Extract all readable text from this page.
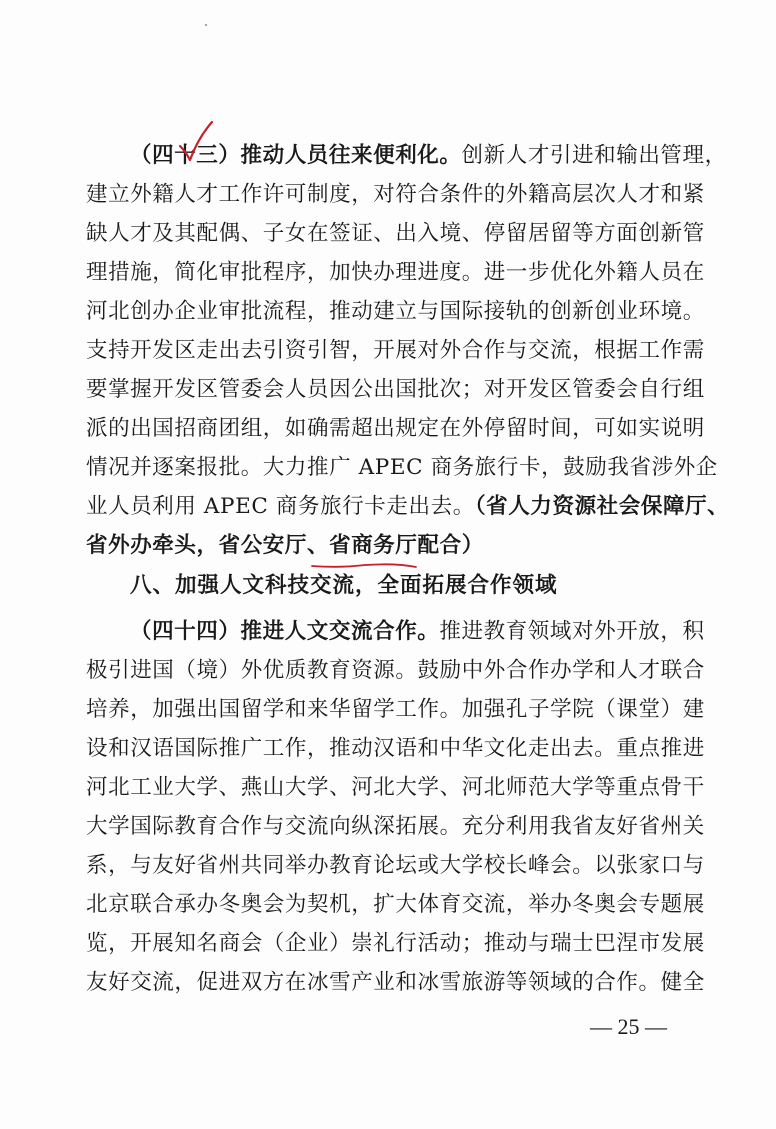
（四十三）推动人员往来便利化。创新人才引进和输出管理，
建立外籍人才工作许可制度，对符合条件的外籍高层次人才和紧
缺人才及其配偶、子女在签证、出入境、停留居留等方面创新管
理措施，简化审批程序，加快办理进度。进一步优化外籍人员在
河北创办企业审批流程，推动建立与国际接轨的创新创业环境。
支持开发区走出去引资引智，开展对外合作与交流，根据工作需
要掌握开发区管委会人员因公出国批次；对开发区管委会自行组
派的出国招商团组，如确需超出规定在外停留时间，可如实说明
情况并逐案报批。大力推广 APEC 商务旅行卡，鼓励我省涉外企
业人员利用 APEC 商务旅行卡走出去。（省人力资源社会保障厅、
省外办牵头，省公安厅、省商务厅配合）
八、加强人文科技交流，全面拓展合作领域
（四十四）推进人文交流合作。推进教育领域对外开放，积
极引进国（境）外优质教育资源。鼓励中外合作办学和人才联合
培养，加强出国留学和来华留学工作。加强孔子学院（课堂）建
设和汉语国际推广工作，推动汉语和中华文化走出去。重点推进
河北工业大学、燕山大学、河北大学、河北师范大学等重点骨干
大学国际教育合作与交流向纵深拓展。充分利用我省友好省州关
系，与友好省州共同举办教育论坛或大学校长峰会。以张家口与
北京联合承办冬奥会为契机，扩大体育交流，举办冬奥会专题展
览，开展知名商会（企业）崇礼行活动；推动与瑞士巴涅市发展
友好交流，促进双方在冰雪产业和冰雪旅游等领域的合作。健全
— 25 —
